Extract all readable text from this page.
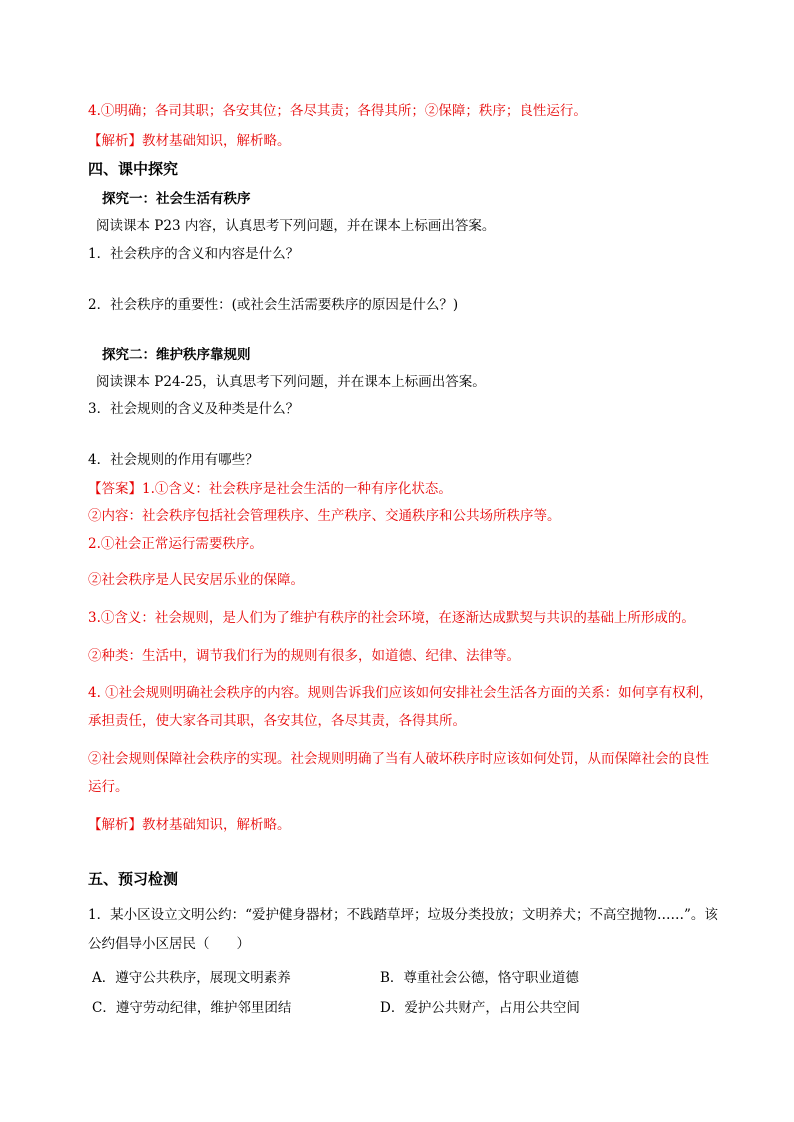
4.①明确；各司其职；各安其位；各尽其责；各得其所；②保障；秩序；良性运行。
【解析】教材基础知识，解析略。
四、课中探究
探究一：社会生活有秩序
阅读课本 P23 内容，认真思考下列问题，并在课本上标画出答案。
1．社会秩序的含义和内容是什么？
2．社会秩序的重要性：(或社会生活需要秩序的原因是什么？)
探究二：维护秩序靠规则
阅读课本 P24-25，认真思考下列问题，并在课本上标画出答案。
3．社会规则的含义及种类是什么？
4．社会规则的作用有哪些？
【答案】1.①含义：社会秩序是社会生活的一种有序化状态。
②内容：社会秩序包括社会管理秩序、生产秩序、交通秩序和公共场所秩序等。
2.①社会正常运行需要秩序。
②社会秩序是人民安居乐业的保障。
3.①含义：社会规则，是人们为了维护有秩序的社会环境，在逐渐达成默契与共识的基础上所形成的。
②种类：生活中，调节我们行为的规则有很多，如道德、纪律、法律等。
4. ①社会规则明确社会秩序的内容。规则告诉我们应该如何安排社会生活各方面的关系：如何享有权利，
承担责任，使大家各司其职，各安其位，各尽其责，各得其所。
②社会规则保障社会秩序的实现。社会规则明确了当有人破坏秩序时应该如何处罚，从而保障社会的良性
运行。
【解析】教材基础知识，解析略。
五、预习检测
1．某小区设立文明公约：“爱护健身器材；不践踏草坪；垃圾分类投放；文明养犬；不高空抛物……”。该
公约倡导小区居民（　　）
A．遵守公共秩序，展现文明素养	B．尊重社会公德，恪守职业道德
C．遵守劳动纪律，维护邻里团结	D．爱护公共财产，占用公共空间
